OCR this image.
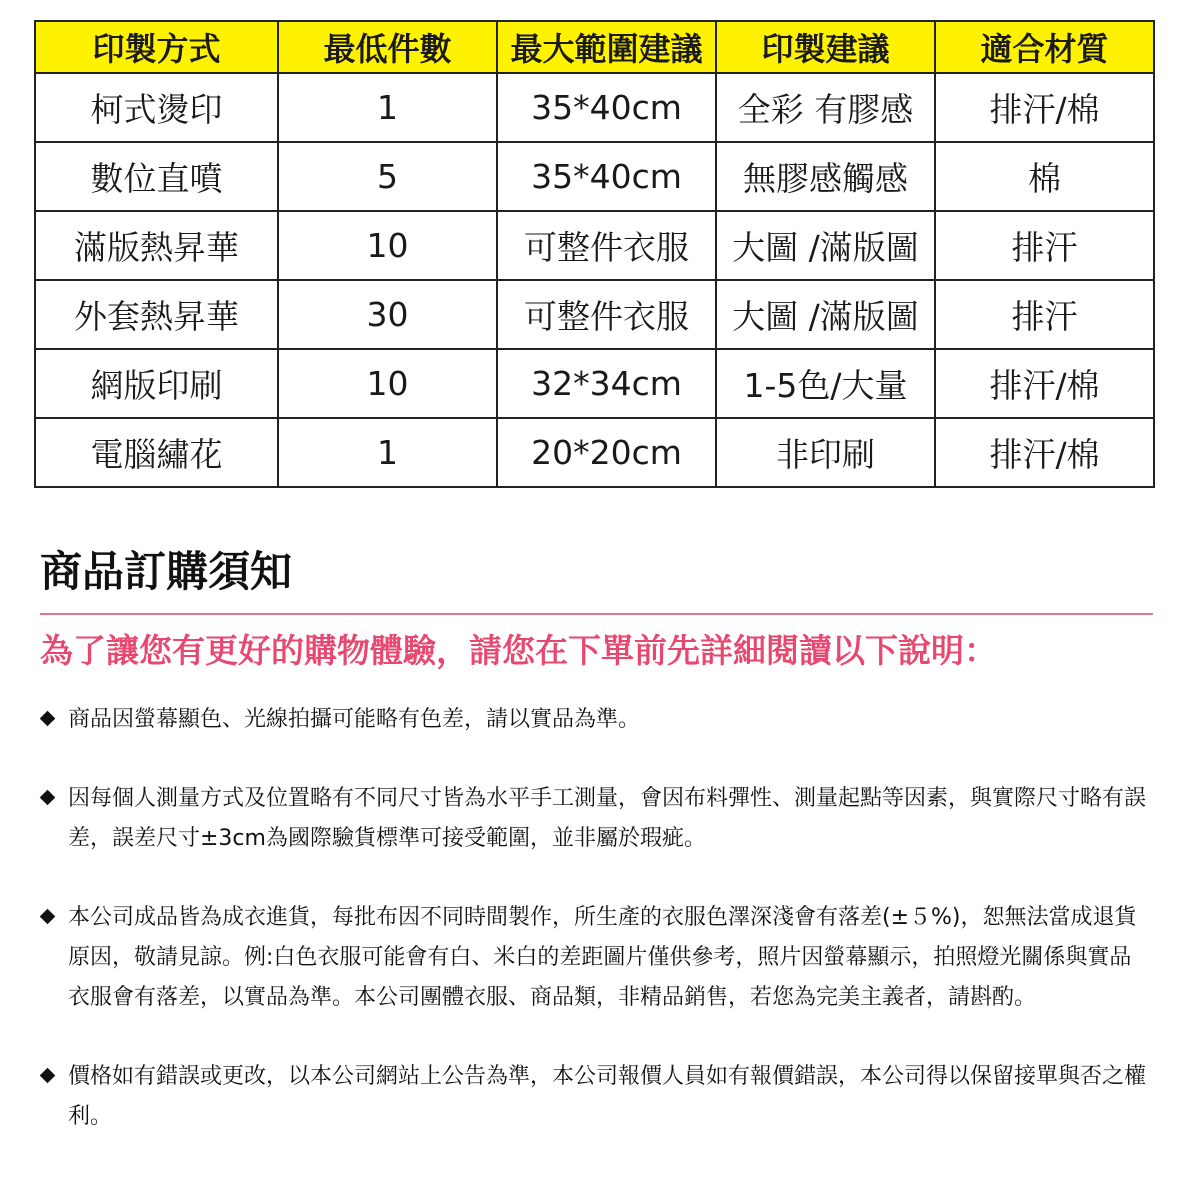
印製方式	最低件數	最大範圍建議	印製建議	適合材質
柯式燙印	1	35*40cm	全彩 有膠感	排汗/棉
數位直噴	5	35*40cm	無膠感觸感	棉
滿版熱昇華	10	可整件衣服	大圖 /滿版圖	排汗
外套熱昇華	30	可整件衣服	大圖 /滿版圖	排汗
網版印刷	10	32*34cm	1-5色/大量	排汗/棉
電腦繡花	1	20*20cm	非印刷	排汗/棉
商品訂購須知
為了讓您有更好的購物體驗，請您在下單前先詳細閱讀以下說明：
商品因螢幕顯色、光線拍攝可能略有色差，請以實品為準。
因每個人測量方式及位置略有不同尺寸皆為水平手工測量，會因布料彈性、測量起點等因素，與實際尺寸略有誤差，誤差尺寸±3cm為國際驗貨標準可接受範圍，並非屬於瑕疵。
本公司成品皆為成衣進貨，每批布因不同時間製作，所生產的衣服色澤深淺會有落差(±５%)，恕無法當成退貨原因，敬請見諒。例:白色衣服可能會有白、米白的差距圖片僅供參考，照片因螢幕顯示，拍照燈光關係與實品衣服會有落差，以實品為準。本公司團體衣服、商品類，非精品銷售，若您為完美主義者，請斟酌。
價格如有錯誤或更改，以本公司網站上公告為準，本公司報價人員如有報價錯誤，本公司得以保留接單與否之權利。
